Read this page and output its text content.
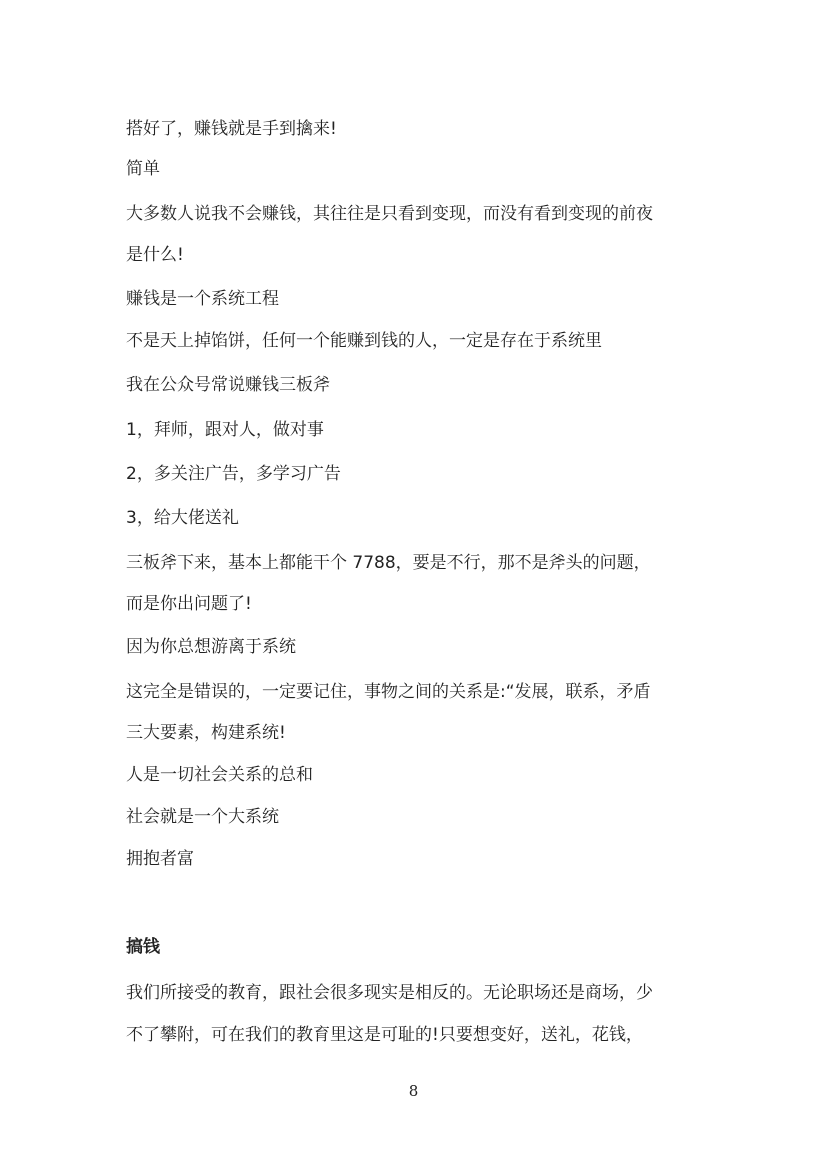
搭好了，赚钱就是手到擒来!
简单
大多数人说我不会赚钱，其往往是只看到变现，而没有看到变现的前夜
是什么!
赚钱是一个系统工程
不是天上掉馅饼，任何一个能赚到钱的人，一定是存在于系统里
我在公众号常说赚钱三板斧
1，拜师，跟对人，做对事
2，多关注广告，多学习广告
3，给大佬送礼
三板斧下来，基本上都能干个 7788，要是不行，那不是斧头的问题，
而是你出问题了!
因为你总想游离于系统
这完全是错误的，一定要记住，事物之间的关系是:“发展，联系，矛盾
三大要素，构建系统!
人是一切社会关系的总和
社会就是一个大系统
拥抱者富
搞钱
我们所接受的教育，跟社会很多现实是相反的。无论职场还是商场，少
不了攀附，可在我们的教育里这是可耻的!只要想变好，送礼，花钱，
8
